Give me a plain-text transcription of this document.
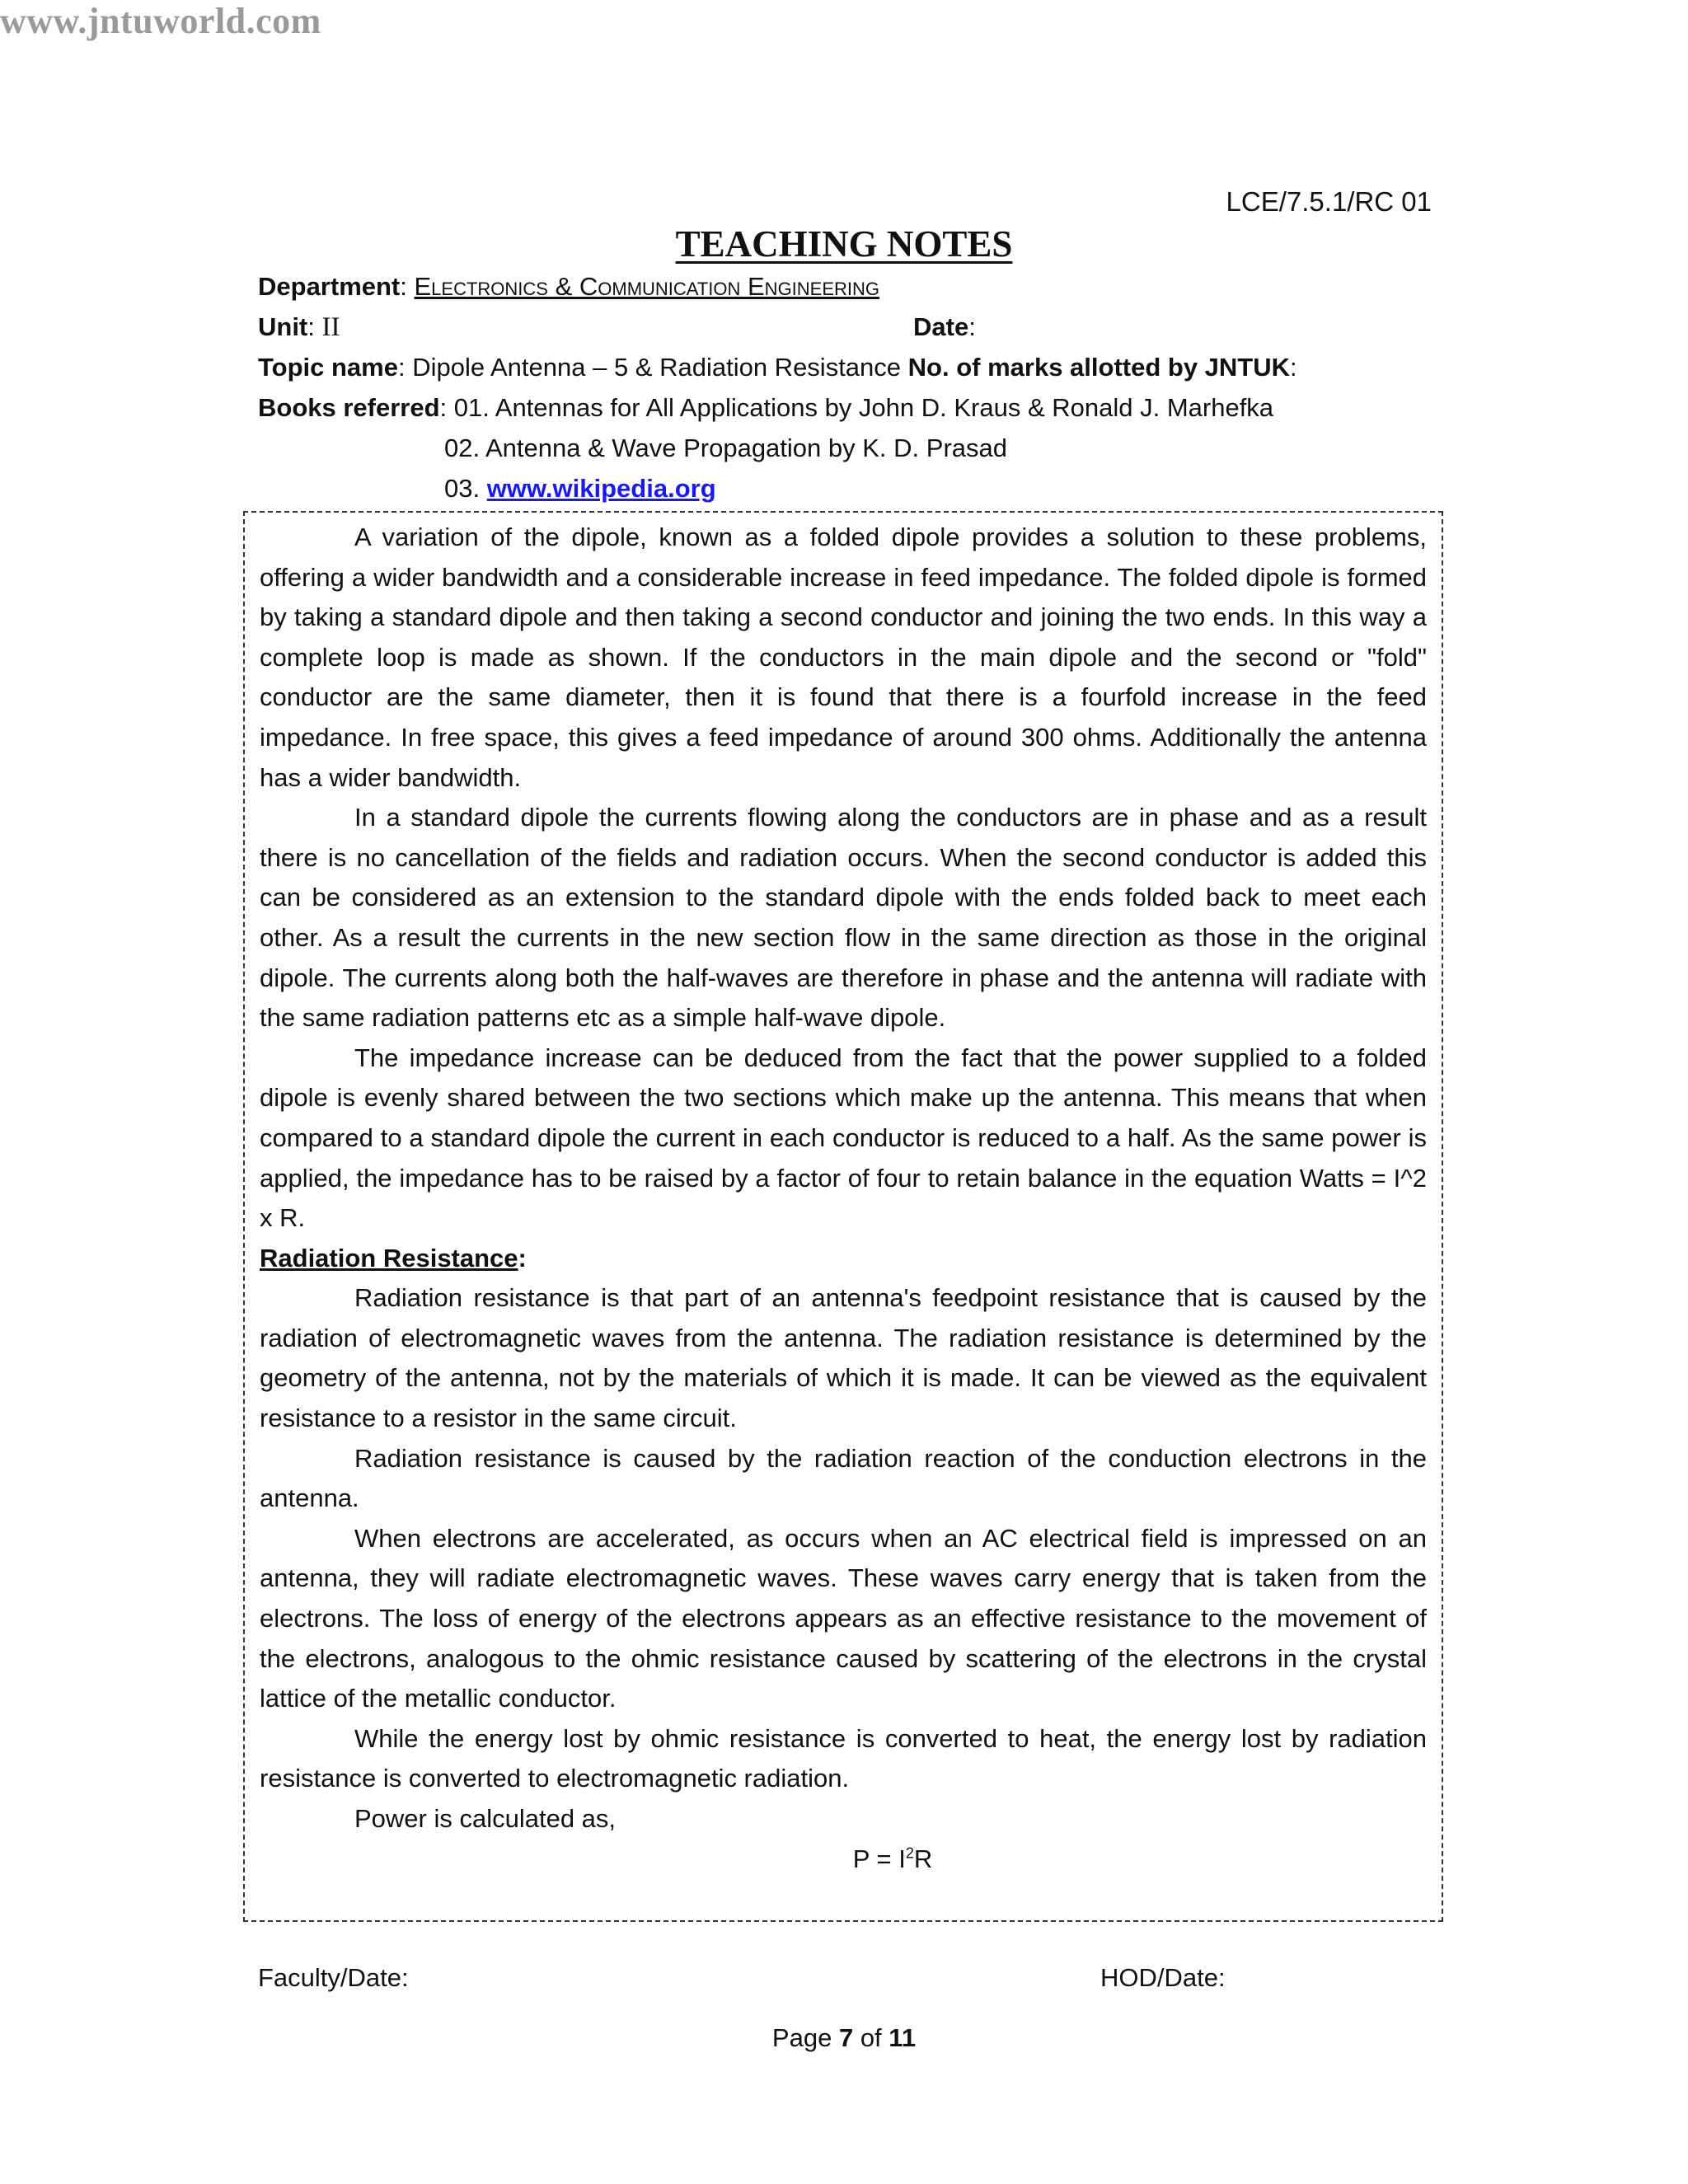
www.jntuworld.com
LCE/7.5.1/RC 01
TEACHING NOTES
Department: Electronics & Communication Engineering
Unit: II	Date:
Topic name: Dipole Antenna – 5 & Radiation Resistance No. of marks allotted by JNTUK:
Books referred: 01. Antennas for All Applications by John D. Kraus & Ronald J. Marhefka
02. Antenna & Wave Propagation by K. D. Prasad
03. www.wikipedia.org

A variation of the dipole, known as a folded dipole provides a solution to these problems, offering a wider bandwidth and a considerable increase in feed impedance. The folded dipole is formed by taking a standard dipole and then taking a second conductor and joining the two ends. In this way a complete loop is made as shown. If the conductors in the main dipole and the second or "fold" conductor are the same diameter, then it is found that there is a fourfold increase in the feed impedance. In free space, this gives a feed impedance of around 300 ohms. Additionally the antenna has a wider bandwidth.

In a standard dipole the currents flowing along the conductors are in phase and as a result there is no cancellation of the fields and radiation occurs. When the second conductor is added this can be considered as an extension to the standard dipole with the ends folded back to meet each other. As a result the currents in the new section flow in the same direction as those in the original dipole. The currents along both the half-waves are therefore in phase and the antenna will radiate with the same radiation patterns etc as a simple half-wave dipole.

The impedance increase can be deduced from the fact that the power supplied to a folded dipole is evenly shared between the two sections which make up the antenna. This means that when compared to a standard dipole the current in each conductor is reduced to a half. As the same power is applied, the impedance has to be raised by a factor of four to retain balance in the equation Watts = I^2 x R.

Radiation Resistance:

Radiation resistance is that part of an antenna's feedpoint resistance that is caused by the radiation of electromagnetic waves from the antenna. The radiation resistance is determined by the geometry of the antenna, not by the materials of which it is made. It can be viewed as the equivalent resistance to a resistor in the same circuit.

Radiation resistance is caused by the radiation reaction of the conduction electrons in the antenna.

When electrons are accelerated, as occurs when an AC electrical field is impressed on an antenna, they will radiate electromagnetic waves. These waves carry energy that is taken from the electrons. The loss of energy of the electrons appears as an effective resistance to the movement of the electrons, analogous to the ohmic resistance caused by scattering of the electrons in the crystal lattice of the metallic conductor.

While the energy lost by ohmic resistance is converted to heat, the energy lost by radiation resistance is converted to electromagnetic radiation.

Power is calculated as,

$P = I^2R$

Faculty/Date:	HOD/Date:
Page 7 of 11
